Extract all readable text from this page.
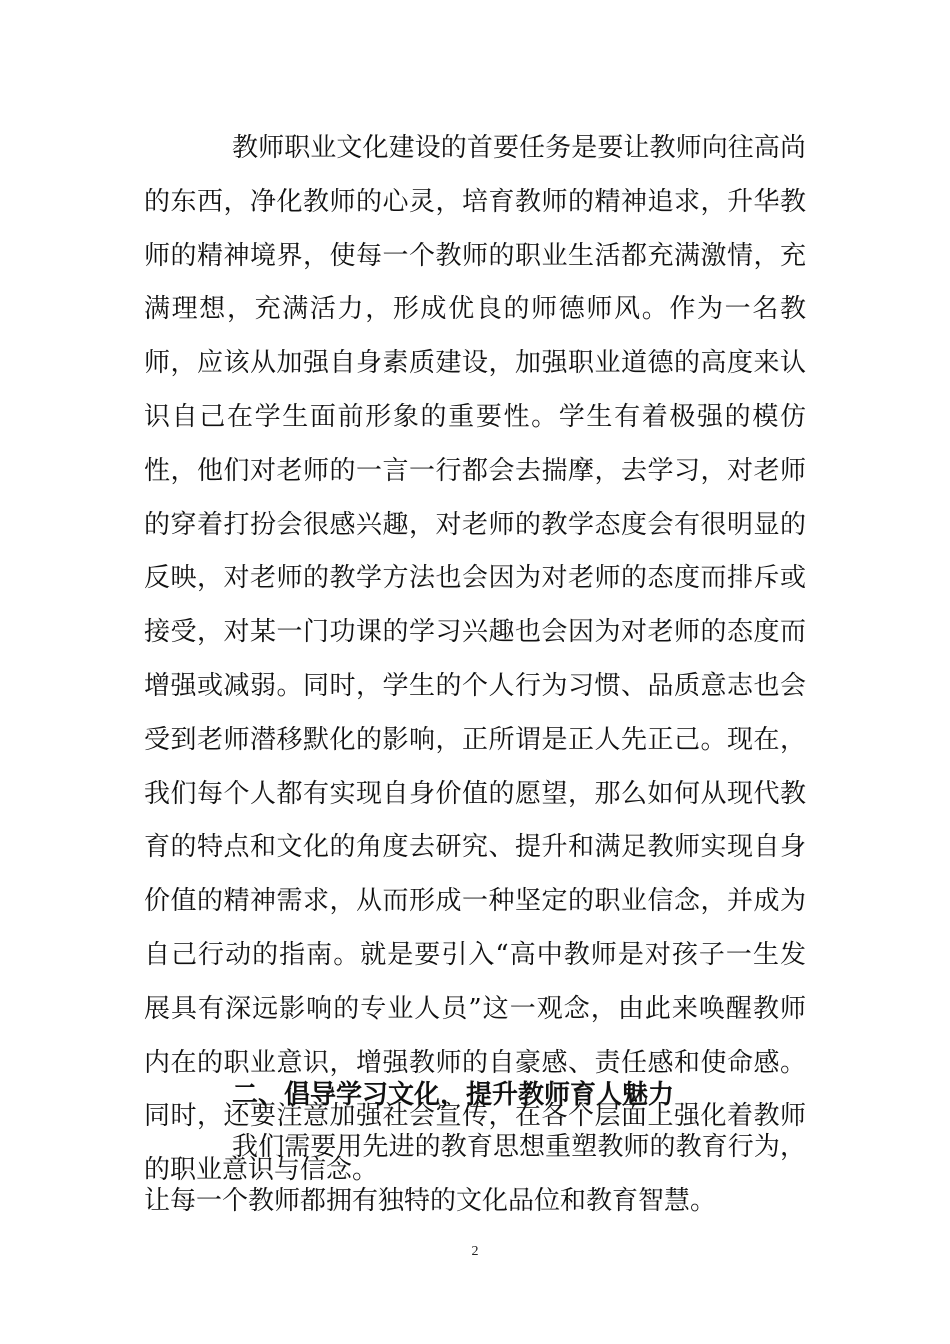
教师职业文化建设的首要任务是要让教师向往高尚的东西，净化教师的心灵，培育教师的精神追求，升华教师的精神境界，使每一个教师的职业生活都充满激情，充满理想，充满活力，形成优良的师德师风。作为一名教师，应该从加强自身素质建设，加强职业道德的高度来认识自己在学生面前形象的重要性。学生有着极强的模仿性，他们对老师的一言一行都会去揣摩，去学习，对老师的穿着打扮会很感兴趣，对老师的教学态度会有很明显的反映，对老师的教学方法也会因为对老师的态度而排斥或接受，对某一门功课的学习兴趣也会因为对老师的态度而增强或减弱。同时，学生的个人行为习惯、品质意志也会受到老师潜移默化的影响，正所谓是正人先正己。现在，我们每个人都有实现自身价值的愿望，那么如何从现代教育的特点和文化的角度去研究、提升和满足教师实现自身价值的精神需求，从而形成一种坚定的职业信念，并成为自己行动的指南。就是要引入“高中教师是对孩子一生发展具有深远影响的专业人员”这一观念，由此来唤醒教师内在的职业意识，增强教师的自豪感、责任感和使命感。同时，还要注意加强社会宣传，在各个层面上强化着教师的职业意识与信念。

二、倡导学习文化，提升教师育人魅力

我们需要用先进的教育思想重塑教师的教育行为，让每一个教师都拥有独特的文化品位和教育智慧。

2
